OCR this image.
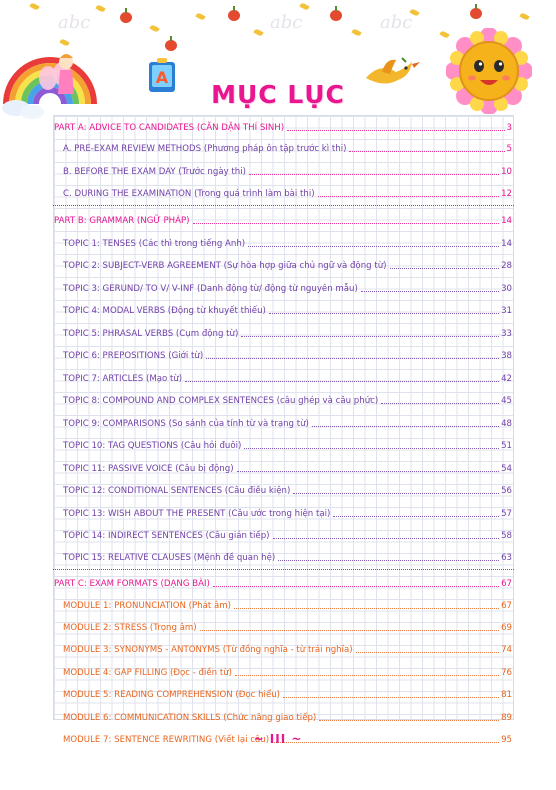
abc	abc	abc
A
MỤC LỤC
PART A: ADVICE TO CANDIDATES (CĂN DẶN THÍ SINH)	3
A. PRE-EXAM REVIEW METHODS (Phương pháp ôn tập trước kì thi)	5
B. BEFORE THE EXAM DAY (Trước ngày thi)	10
C. DURING THE EXAMINATION (Trong quá trình làm bài thi)	12
PART B: GRAMMAR (NGỮ PHÁP)	14
TOPIC 1: TENSES (Các thì trong tiếng Anh)	14
TOPIC 2: SUBJECT-VERB AGREEMENT (Sự hòa hợp giữa chủ ngữ và động từ)	28
TOPIC 3: GERUND/ TO V/ V-INF (Danh động từ/ động từ nguyên mẫu)	30
TOPIC 4: MODAL VERBS (Động từ khuyết thiếu)	31
TOPIC 5: PHRASAL VERBS (Cụm động từ)	33
TOPIC 6: PREPOSITIONS (Giới từ)	38
TOPIC 7: ARTICLES (Mạo từ)	42
TOPIC 8: COMPOUND AND COMPLEX SENTENCES (câu ghép và câu phức)	45
TOPIC 9: COMPARISONS (So sánh của tính từ và trạng từ)	48
TOPIC 10: TAG QUESTIONS (Câu hỏi đuôi)	51
TOPIC 11: PASSIVE VOICE (Câu bị động)	54
TOPIC 12: CONDITIONAL SENTENCES (Câu điều kiện)	56
TOPIC 13: WISH ABOUT THE PRESENT (Câu ước trong hiện tại)	57
TOPIC 14: INDIRECT SENTENCES (Câu gián tiếp)	58
TOPIC 15: RELATIVE CLAUSES (Mệnh đề quan hệ)	63
PART C: EXAM FORMATS (DẠNG BÀI)	67
MODULE 1: PRONUNCIATION (Phát âm)	67
MODULE 2: STRESS (Trọng âm)	69
MODULE 3: SYNONYMS - ANTONYMS (Từ đồng nghĩa - từ trái nghĩa)	74
MODULE 4: GAP FILLING (Đọc - điền từ)	76
MODULE 5: READING COMPREHENSION (Đọc hiểu)	81
MODULE 6: COMMUNICATION SKILLS (Chức năng giao tiếp)	89
MODULE 7: SENTENCE REWRITING (Viết lại câu)	95
~ III ~
